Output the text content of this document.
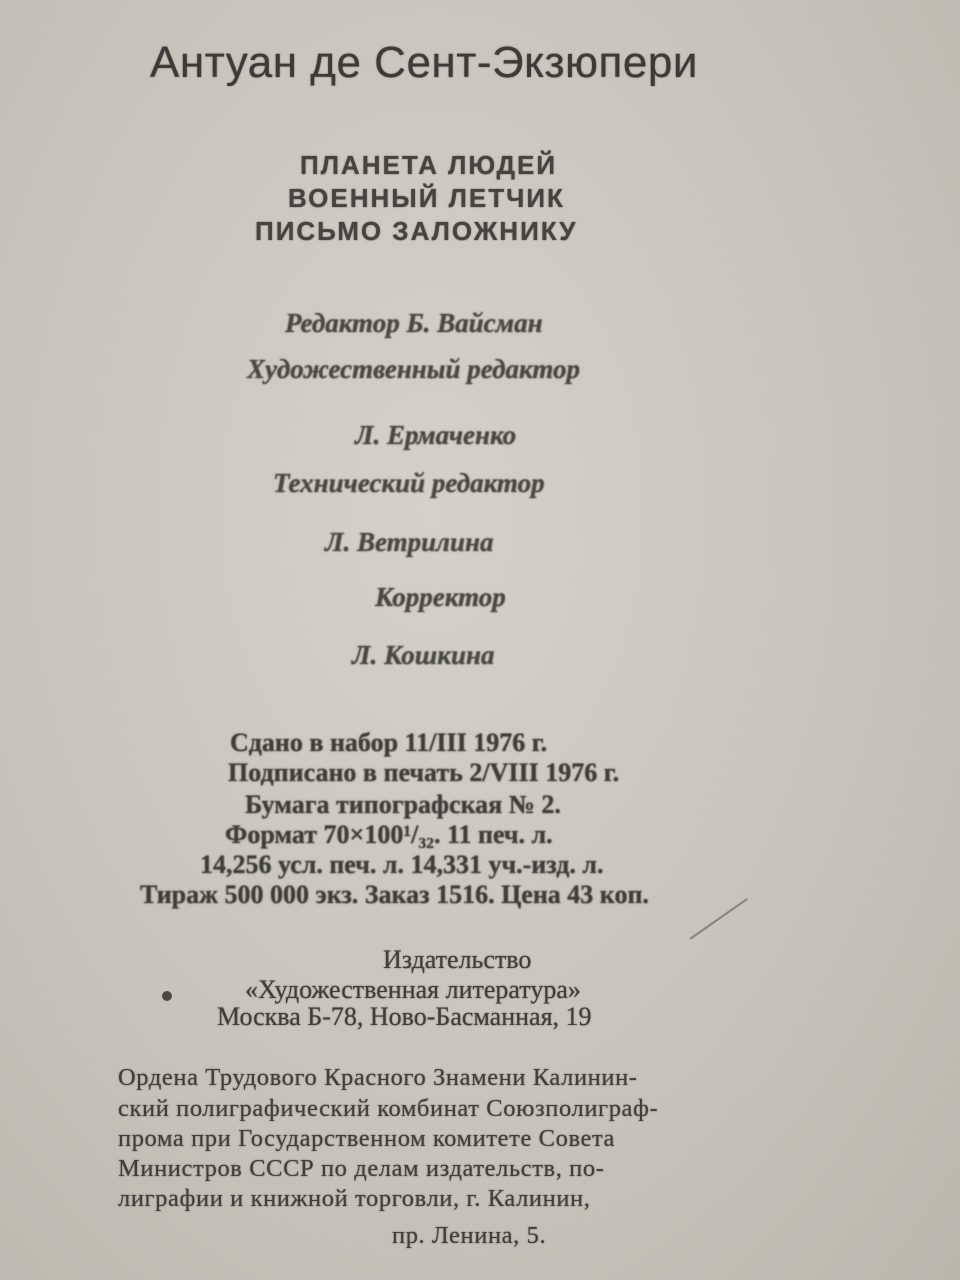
Антуан де Сент-Экзюпери
ПЛАНЕТА ЛЮДЕЙ
ВОЕННЫЙ ЛЕТЧИК
ПИСЬМО ЗАЛОЖНИКУ
Редактор Б. Вайсман
Художественный редактор
Л. Ермаченко
Технический редактор
Л. Ветрилина
Корректор
Л. Кошкина
Сдано в набор 11/III 1976 г.
Подписано в печать 2/VIII 1976 г.
Бумага типографская № 2.
Формат 70×100¹/₃₂. 11 печ. л.
14,256 усл. печ. л. 14,331 уч.-изд. л.
Тираж 500 000 экз. Заказ 1516. Цена 43 коп.
Издательство
«Художественная литература»
Москва Б-78, Ново-Басманная, 19
Ордена Трудового Красного Знамени Калинин-
ский полиграфический комбинат Союзполиграф-
прома при Государственном комитете Совета
Министров СССР по делам издательств, по-
лиграфии и книжной торговли, г. Калинин,
пр. Ленина, 5.
